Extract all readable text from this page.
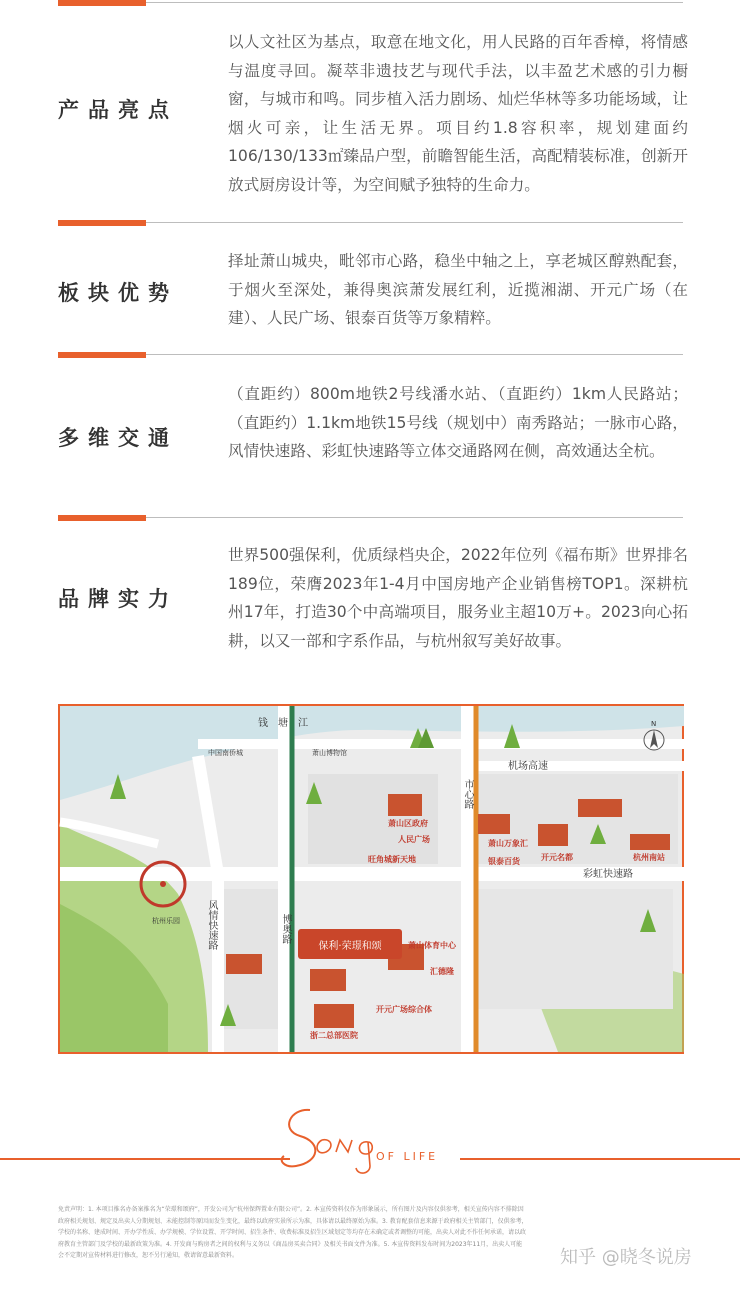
产品亮点
以人文社区为基点，取意在地文化，用人民路的百年香樟，将情感与温度寻回。凝萃非遗技艺与现代手法，以丰盈艺术感的引力橱窗，与城市和鸣。同步植入活力剧场、灿烂华林等多功能场域，让烟火可亲，让生活无界。项目约1.8容积率，规划建面约106/130/133㎡臻品户型，前瞻智能生活，高配精装标准，创新开放式厨房设计等，为空间赋予独特的生命力。
板块优势
择址萧山城央，毗邻市心路，稳坐中轴之上，享老城区醇熟配套，于烟火至深处，兼得奥滨萧发展红利，近揽湘湖、开元广场（在建）、人民广场、银泰百货等万象精粹。
多维交通
（直距约）800m地铁2号线潘水站、（直距约）1km人民路站；（直距约）1.1km地铁15号线（规划中）南秀路站；一脉市心路，风情快速路、彩虹快速路等立体交通路网在侧，高效通达全杭。
品牌实力
世界500强保利，优质绿档央企，2022年位列《福布斯》世界排名189位，荣膺2023年1-4月中国房地产企业销售榜TOP1。深耕杭州17年，打造30个中高端项目，服务业主超10万+。2023向心拓耕，以又一部和字系作品，与杭州叙写美好故事。
钱　塘　江
机场高速
彩虹快速路
市心路
风情快速路	博奥路
萧山区政府
人民广场	萧山万象汇
银泰百货	开元名都	杭州南站
旺角城新天地
萧山体育中心
汇德隆
开元广场综合体
浙二总部医院
杭州乐园
中国南侨城	萧山博物馆
N
保利·荣璟和颂
OF LIFE
免责声明：1. 本项目推名办备案推名为“荣璟和颂府”，开发公司为“杭州保辉置业有限公司”。2. 本宣传资料仅作为形象展示，所有图片及内容仅供参考，相关宣传内容不排除因政府相关规划、规定及出卖人分期规划、未能控制等原因而发生变化，最终以政府实景所示为准，具体请以最终原始为准。3. 教育配套信息来源于政府相关主管部门，仅供参考，学校的名称、建成时间、开办学性质、办学规模、学位设置、开学时间、招生条件、收费标准及招生区域划定等均存在未确定或者调整的可能，出卖人对此不作任何承诺，请以政府教育主管部门及学校的最新政策为准。4. 开发商与购房者之间的权利与义务以《商品房买卖合同》及相关书面文件为准。5. 本宣传资料发布时间为2023年11月，出卖人可能会不定期对宣传材料进行修改，恕不另行通知，敬请留意最新资料。	知乎 @晓冬说房
